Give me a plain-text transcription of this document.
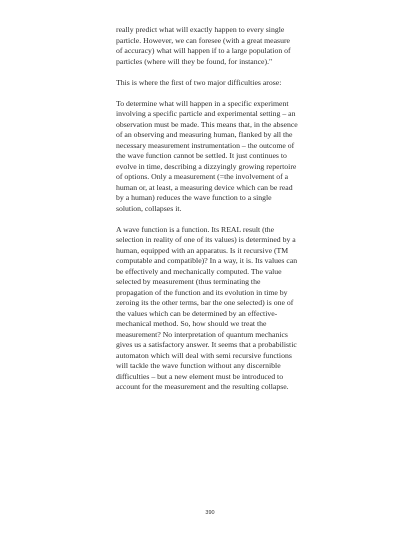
really predict what will exactly happen to every single
particle. However, we can foresee (with a great measure
of accuracy) what will happen if to a large population of
particles (where will they be found, for instance)."

This is where the first of two major difficulties arose:

To determine what will happen in a specific experiment
involving a specific particle and experimental setting – an
observation must be made. This means that, in the absence
of an observing and measuring human, flanked by all the
necessary measurement instrumentation – the outcome of
the wave function cannot be settled. It just continues to
evolve in time, describing a dizzyingly growing repertoire
of options. Only a measurement (=the involvement of a
human or, at least, a measuring device which can be read
by a human) reduces the wave function to a single
solution, collapses it.

A wave function is a function. Its REAL result (the
selection in reality of one of its values) is determined by a
human, equipped with an apparatus. Is it recursive (TM
computable and compatible)? In a way, it is. Its values can
be effectively and mechanically computed. The value
selected by measurement (thus terminating the
propagation of the function and its evolution in time by
zeroing its the other terms, bar the one selected) is one of
the values which can be determined by an effective-
mechanical method. So, how should we treat the
measurement? No interpretation of quantum mechanics
gives us a satisfactory answer. It seems that a probabilistic
automaton which will deal with semi recursive functions
will tackle the wave function without any discernible
difficulties – but a new element must be introduced to
account for the measurement and the resulting collapse.

390
